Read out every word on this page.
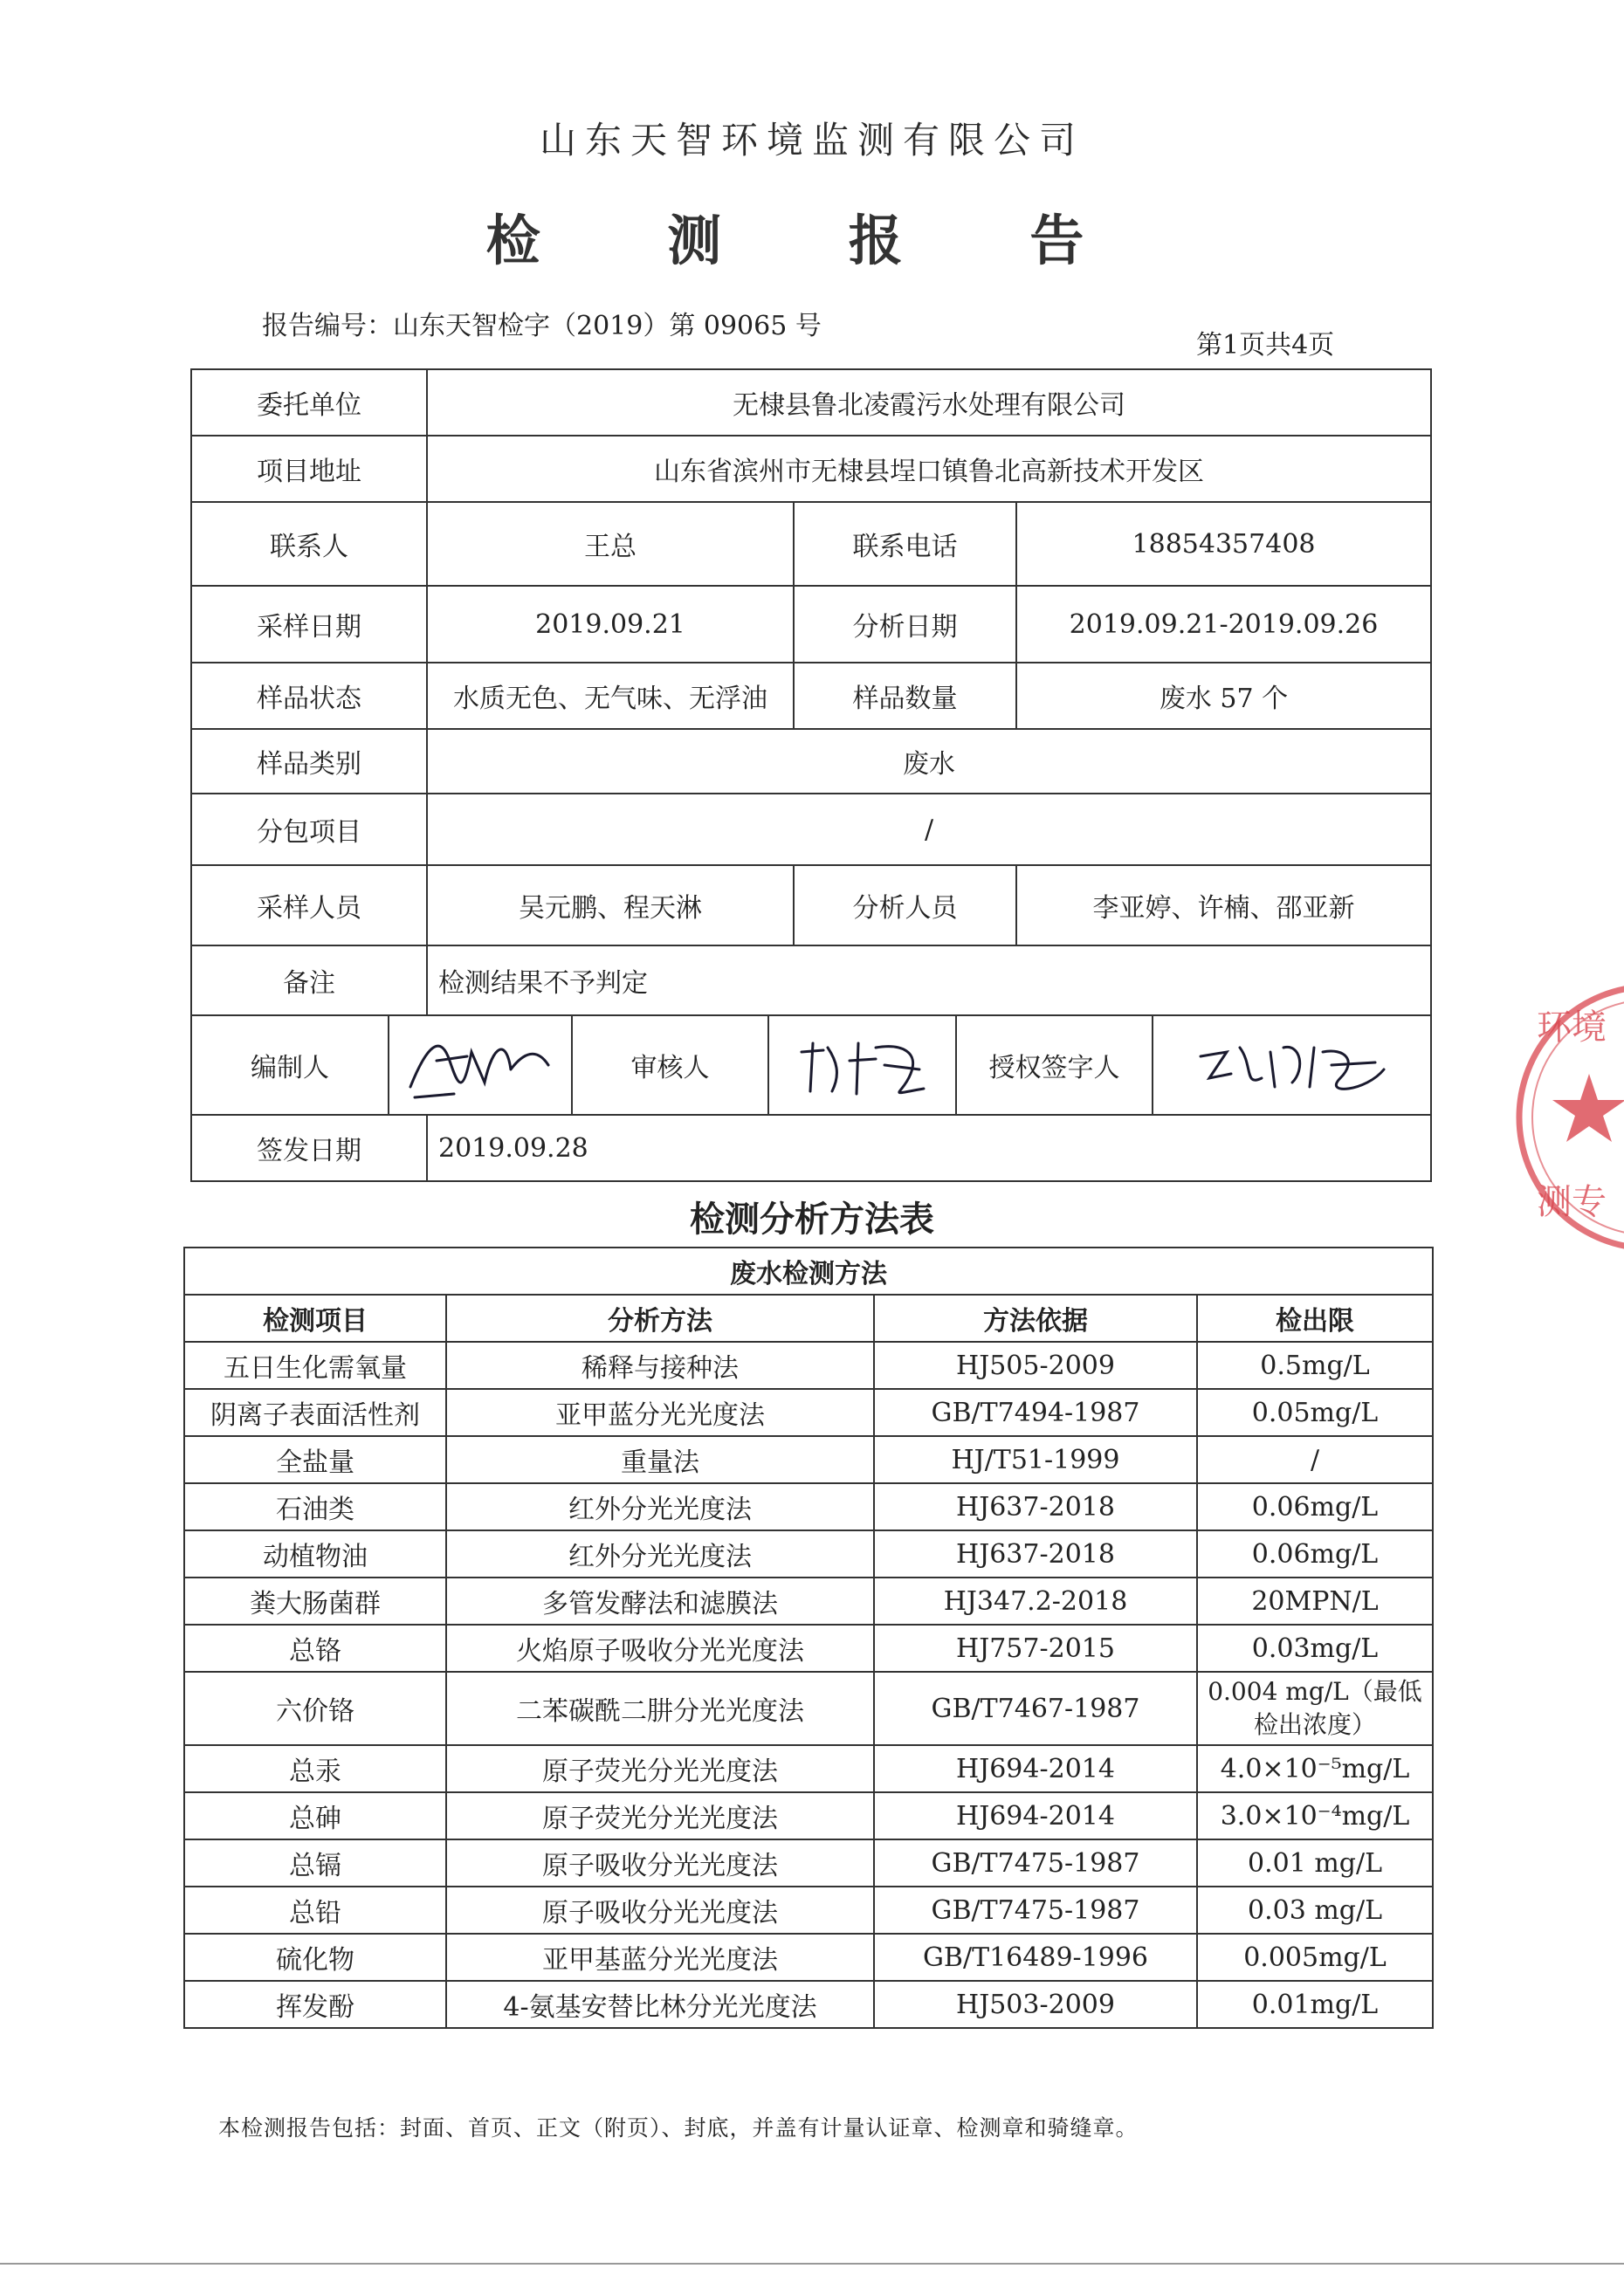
山东天智环境监测有限公司
检 测 报 告
报告编号：山东天智检字（2019）第 09065 号
第1页共4页
委托单位	无棣县鲁北凌霞污水处理有限公司
项目地址	山东省滨州市无棣县埕口镇鲁北高新技术开发区
联系人	王总	联系电话	18854357408
采样日期	2019.09.21	分析日期	2019.09.21-2019.09.26
样品状态	水质无色、无气味、无浮油	样品数量	废水 57 个
样品类别	废水
分包项目	/
采样人员	吴元鹏、程天淋	分析人员	李亚婷、许楠、邵亚新
备注	检测结果不予判定

编制人		审核人		授权签字人	

签发日期	2019.09.28
检测分析方法表
废水检测方法			
检测项目	分析方法	方法依据	检出限
五日生化需氧量	稀释与接种法	HJ505-2009	0.5mg/L
阴离子表面活性剂	亚甲蓝分光光度法	GB/T7494-1987	0.05mg/L
全盐量	重量法	HJ/T51-1999	/
石油类	红外分光光度法	HJ637-2018	0.06mg/L
动植物油	红外分光光度法	HJ637-2018	0.06mg/L
粪大肠菌群	多管发酵法和滤膜法	HJ347.2-2018	20MPN/L
总铬	火焰原子吸收分光光度法	HJ757-2015	0.03mg/L
六价铬	二苯碳酰二肼分光光度法	GB/T7467-1987	0.004 mg/L（最低检出浓度）
总汞	原子荧光分光光度法	HJ694-2014	4.0×10⁻⁵mg/L
总砷	原子荧光分光光度法	HJ694-2014	3.0×10⁻⁴mg/L
总镉	原子吸收分光光度法	GB/T7475-1987	0.01 mg/L
总铅	原子吸收分光光度法	GB/T7475-1987	0.03 mg/L
硫化物	亚甲基蓝分光光度法	GB/T16489-1996	0.005mg/L
挥发酚	4-氨基安替比林分光光度法	HJ503-2009	0.01mg/L
本检测报告包括：封面、首页、正文（附页）、封底，并盖有计量认证章、检测章和骑缝章。
环境
测专
